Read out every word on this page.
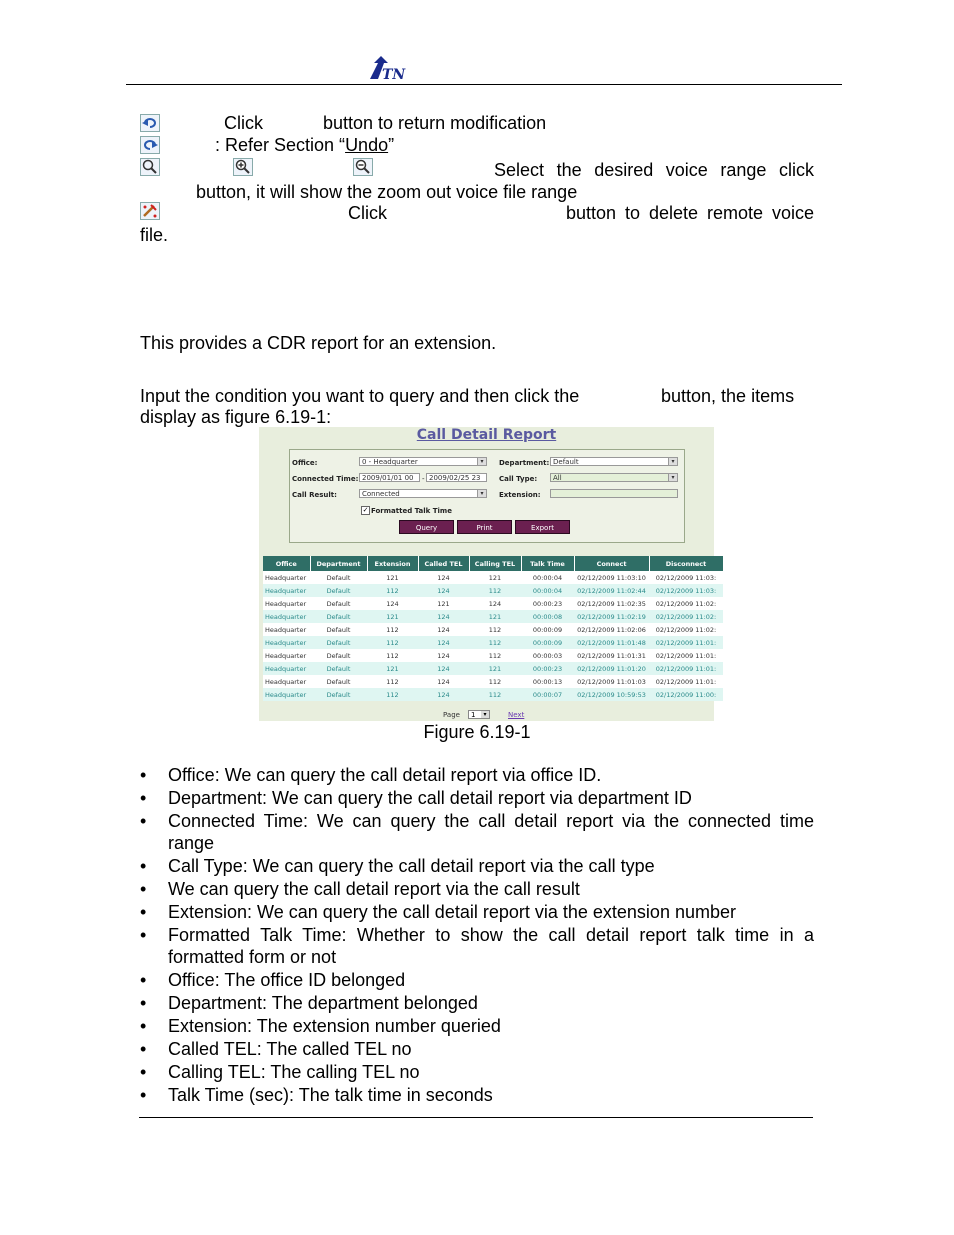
TN
Click	button to return modification
: Refer Section “Undo”
Select the desired voice range click
button, it will show the zoom out voice file range
Click	button to delete remote voice
file.
This provides a CDR report for an extension.
Input the condition you want to query and then click the	button, the items
display as figure 6.19-1:
Call Detail Report
Office:	0 - Headquarter	▾
Connected Time: 2009/01/01 00	- 2009/02/25 23
Call Result:	Connected	▾
Department: Default	▾
Call Type:	All	▾
Extension:
✓ Formatted Talk Time
Query	Print	Export
Office	Department	Extension	Called TEL	Calling TEL	Talk Time	Connect	Disconnect
Headquarter	Default	121	124	121	00:00:04	02/12/2009 11:03:10	02/12/2009 11:03:
Headquarter	Default	112	124	112	00:00:04	02/12/2009 11:02:44	02/12/2009 11:03:
Headquarter	Default	124	121	124	00:00:23	02/12/2009 11:02:35	02/12/2009 11:02:
Headquarter	Default	121	124	121	00:00:08	02/12/2009 11:02:19	02/12/2009 11:02:
Headquarter	Default	112	124	112	00:00:09	02/12/2009 11:02:06	02/12/2009 11:02:
Headquarter	Default	112	124	112	00:00:09	02/12/2009 11:01:48	02/12/2009 11:01:
Headquarter	Default	112	124	112	00:00:03	02/12/2009 11:01:31	02/12/2009 11:01:
Headquarter	Default	121	124	121	00:00:23	02/12/2009 11:01:20	02/12/2009 11:01:
Headquarter	Default	112	124	112	00:00:13	02/12/2009 11:01:03	02/12/2009 11:01:
Headquarter	Default	112	124	112	00:00:07	02/12/2009 10:59:53	02/12/2009 11:00:
Page	1	▾	Next
Figure 6.19-1
• Office: We can query the call detail report via office ID.
• Department: We can query the call detail report via department ID
• Connected Time: We can query the call detail report via the connected time
range
• Call Type: We can query the call detail report via the call type
• We can query the call detail report via the call result
• Extension: We can query the call detail report via the extension number
• Formatted Talk Time: Whether to show the call detail report talk time in a
formatted form or not
• Office: The office ID belonged
• Department: The department belonged
• Extension: The extension number queried
• Called TEL: The called TEL no
• Calling TEL: The calling TEL no
• Talk Time (sec): The talk time in seconds
